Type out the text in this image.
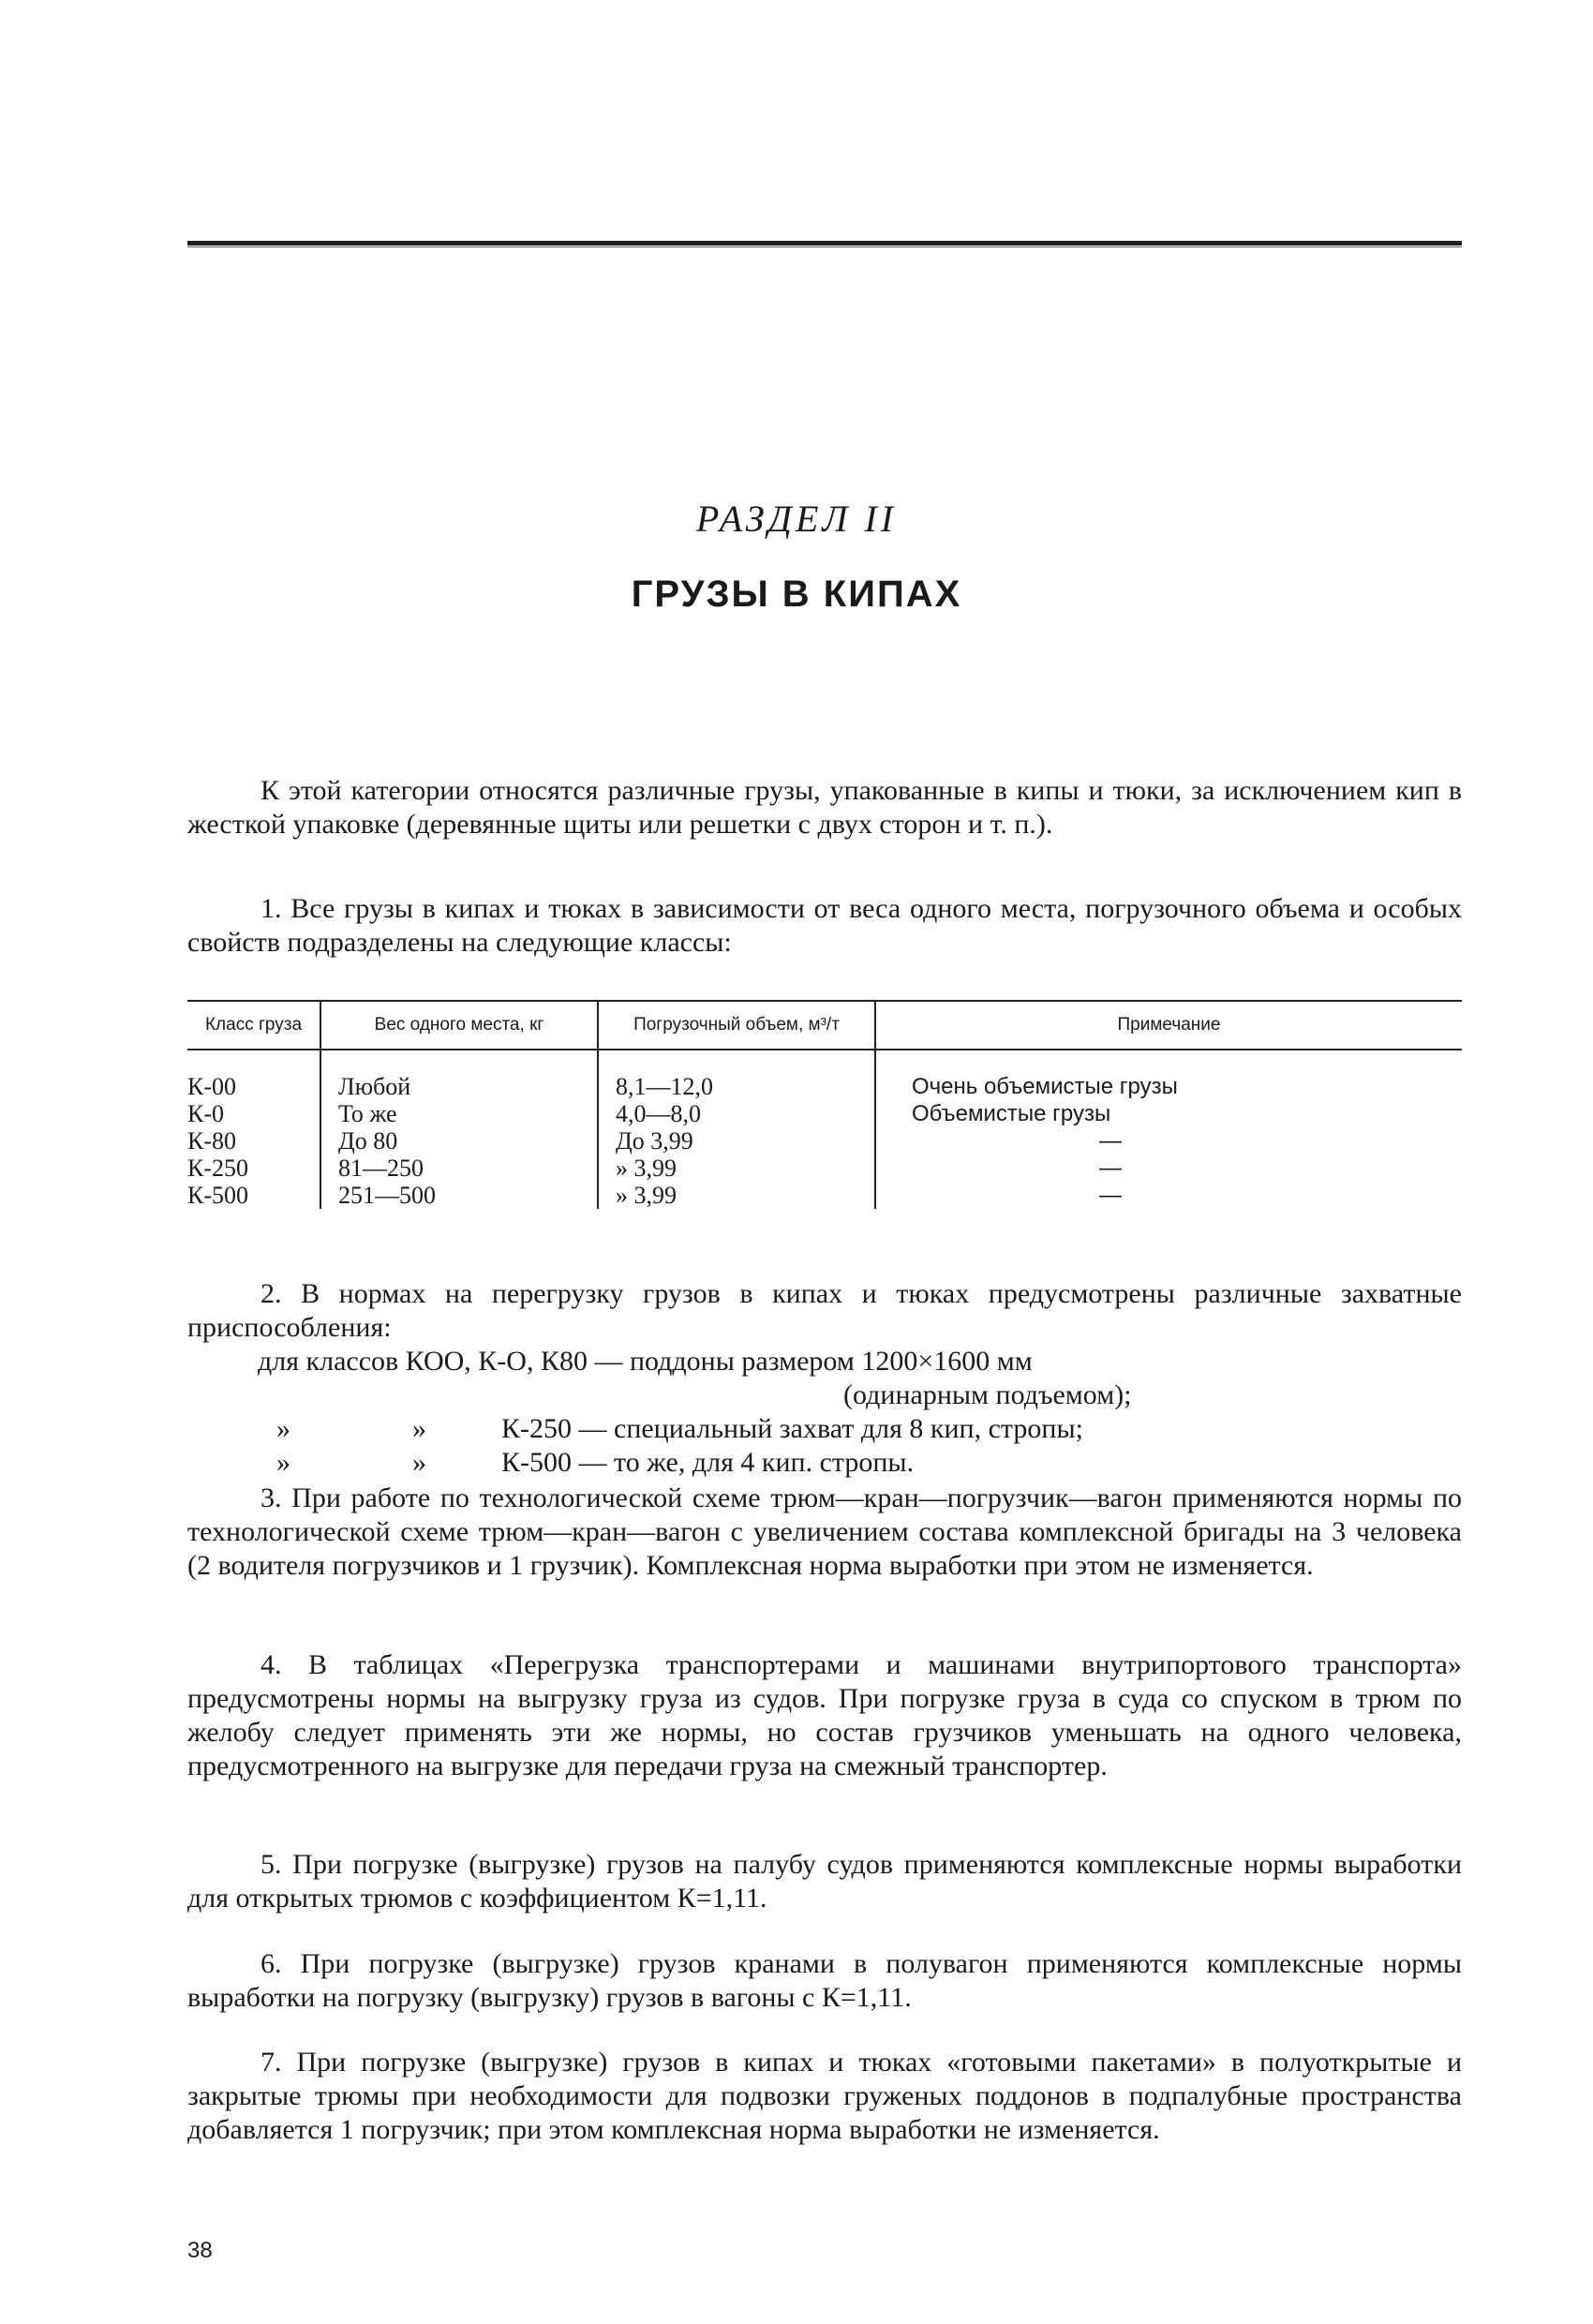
РАЗДЕЛ II
ГРУЗЫ В КИПАХ

К этой категории относятся различные грузы, упакованные в кипы и тюки, за исключением кип в жесткой упаковке (деревянные щиты или решетки с двух сторон и т. п.).

1. Все грузы в кипах и тюках в зависимости от веса одного места, погрузочного объема и особых свойств подразделены на следующие классы:

Класс груза	Вес одного места, кг	Погрузочный объем, м³/т	Примечание
К-00	Любой	8,1—12,0	Очень объемистые грузы
К-0	То же	4,0—8,0	Объемистые грузы
К-80	До 80	До 3,99	—
К-250	81—250	» 3,99	—
К-500	251—500	» 3,99	—

2. В нормах на перегрузку грузов в кипах и тюках предусмотрены различные захватные приспособления:

для классов КОО, К-О, К80 — поддоны размером 1200×1600 мм
(одинарным подъемом);
»	»	К-250 — специальный захват для 8 кип, стропы;
»	»	К-500 — то же, для 4 кип. стропы.

3. При работе по технологической схеме трюм—кран—погрузчик—вагон применяются нормы по технологической схеме трюм—кран—вагон с увеличением состава комплексной бригады на 3 человека (2 водителя погрузчиков и 1 грузчик). Комплексная норма выработки при этом не изменяется.

4. В таблицах «Перегрузка транспортерами и машинами внутрипортового транспорта» предусмотрены нормы на выгрузку груза из судов. При погрузке груза в суда со спуском в трюм по желобу следует применять эти же нормы, но состав грузчиков уменьшать на одного человека, предусмотренного на выгрузке для передачи груза на смежный транспортер.

5. При погрузке (выгрузке) грузов на палубу судов применяются комплексные нормы выработки для открытых трюмов с коэффициентом К=1,11.

6. При погрузке (выгрузке) грузов кранами в полувагон применяются комплексные нормы выработки на погрузку (выгрузку) грузов в вагоны с К=1,11.

7. При погрузке (выгрузке) грузов в кипах и тюках «готовыми пакетами» в полуоткрытые и закрытые трюмы при необходимости для подвозки груженых поддонов в подпалубные пространства добавляется 1 погрузчик; при этом комплексная норма выработки не изменяется.

38
